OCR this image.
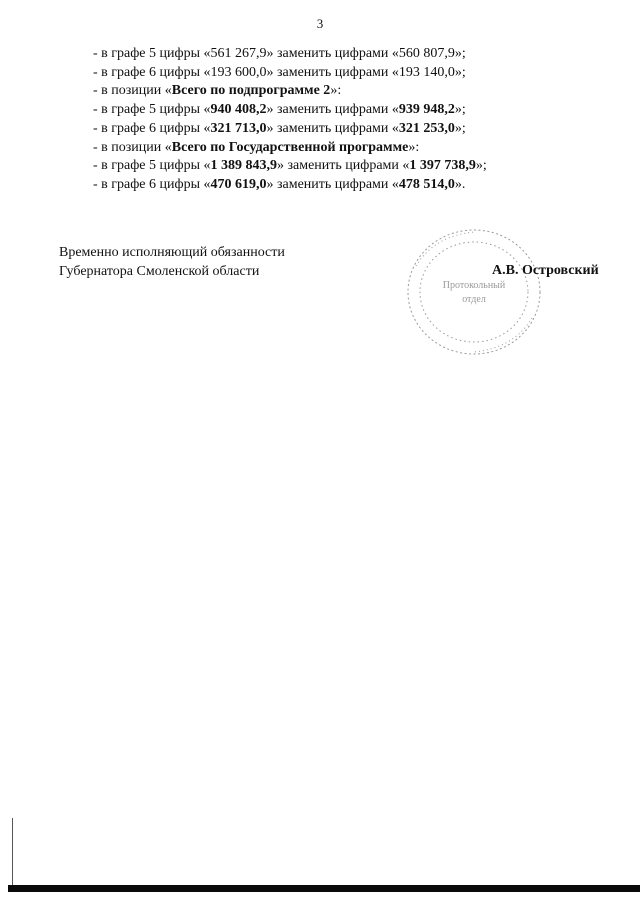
3
- в графе 5 цифры «561 267,9» заменить цифрами «560 807,9»;
- в графе 6 цифры «193 600,0» заменить цифрами «193 140,0»;
- в позиции «Всего по подпрограмме 2»:
- в графе 5 цифры «940 408,2» заменить цифрами «939 948,2»;
- в графе 6 цифры «321 713,0» заменить цифрами «321 253,0»;
- в позиции «Всего по Государственной программе»:
- в графе 5 цифры «1 389 843,9» заменить цифрами «1 397 738,9»;
- в графе 6 цифры «470 619,0» заменить цифрами «478 514,0».
Временно исполняющий обязанности
Губернатора Смоленской области
Протокольный
отдел
А.В. Островский
